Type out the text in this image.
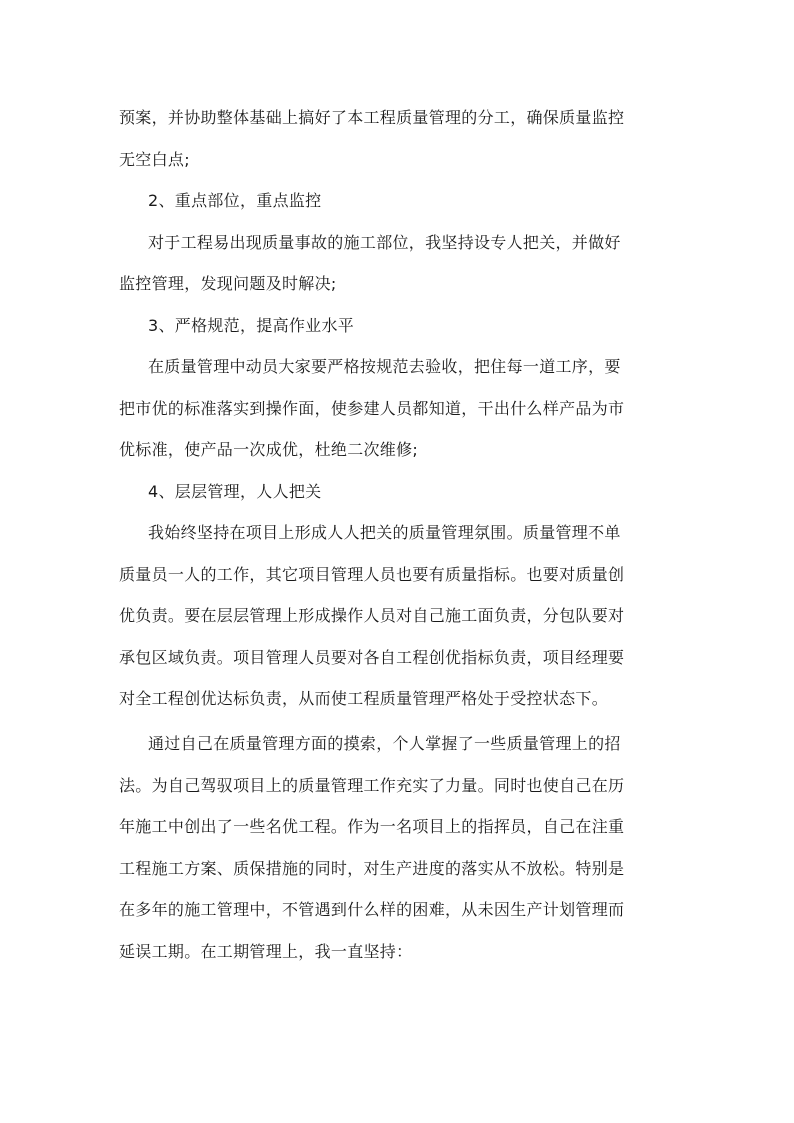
预案，并协助整体基础上搞好了本工程质量管理的分工，确保质量监控
无空白点;
2、重点部位，重点监控
对于工程易出现质量事故的施工部位，我坚持设专人把关，并做好
监控管理，发现问题及时解决;
3、严格规范，提高作业水平
在质量管理中动员大家要严格按规范去验收，把住每一道工序，要
把市优的标准落实到操作面，使参建人员都知道，干出什么样产品为市
优标准，使产品一次成优，杜绝二次维修;
4、层层管理，人人把关
我始终坚持在项目上形成人人把关的质量管理氛围。质量管理不单
质量员一人的工作，其它项目管理人员也要有质量指标。也要对质量创
优负责。要在层层管理上形成操作人员对自己施工面负责，分包队要对
承包区域负责。项目管理人员要对各自工程创优指标负责，项目经理要
对全工程创优达标负责，从而使工程质量管理严格处于受控状态下。
通过自己在质量管理方面的摸索，个人掌握了一些质量管理上的招
法。为自己驾驭项目上的质量管理工作充实了力量。同时也使自己在历
年施工中创出了一些名优工程。作为一名项目上的指挥员，自己在注重
工程施工方案、质保措施的同时，对生产进度的落实从不放松。特别是
在多年的施工管理中，不管遇到什么样的困难，从未因生产计划管理而
延误工期。在工期管理上，我一直坚持：
